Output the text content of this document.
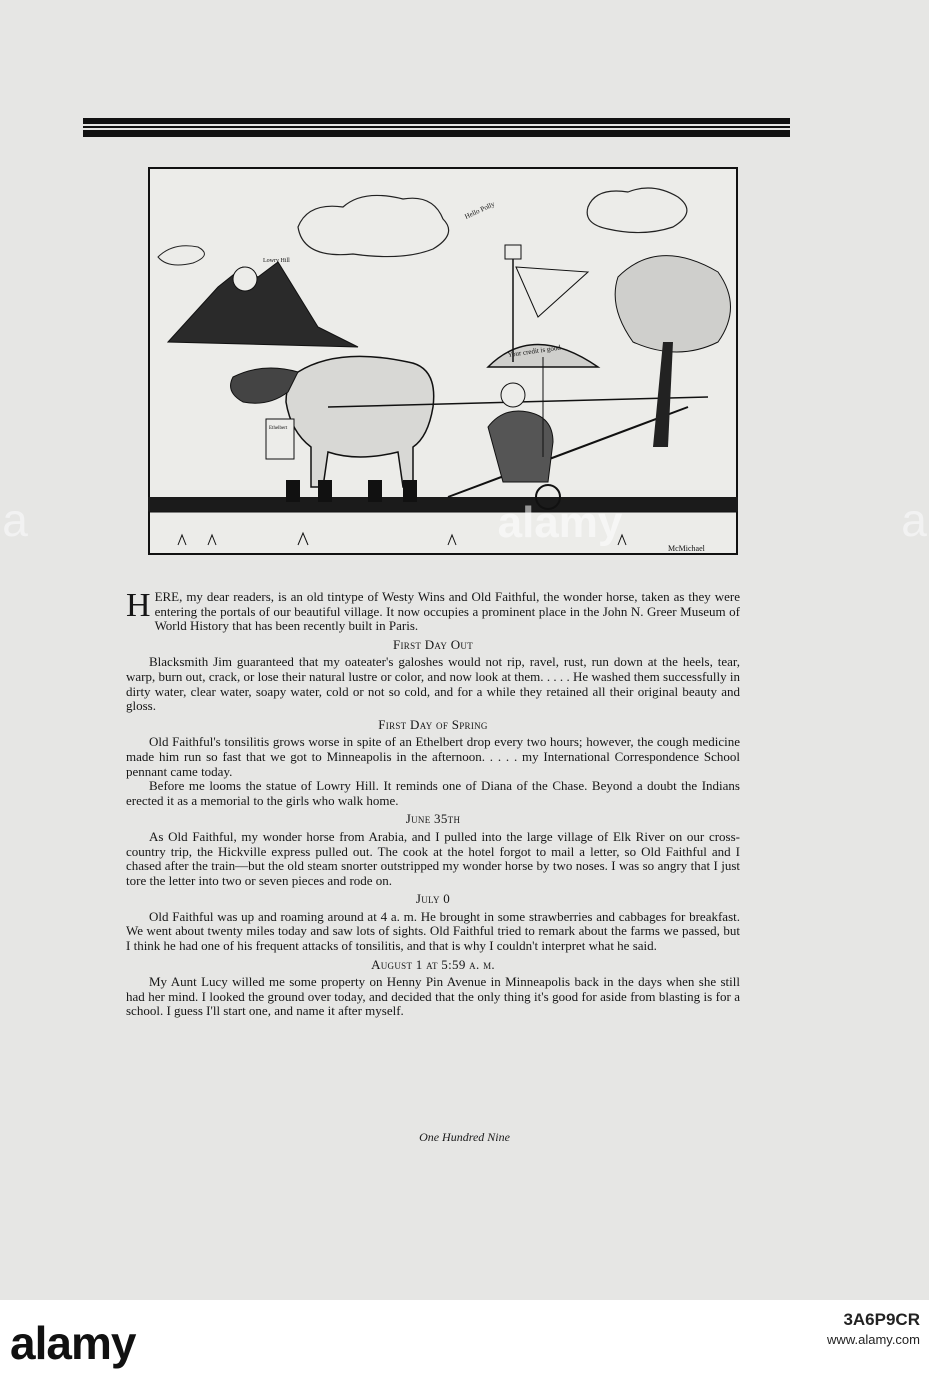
Ethelbert
Hello Polly
Your credit is good
Lowry Hill
McMichael
a	a
alamy

HERE, my dear readers, is an old tintype of Westy Wins and Old Faithful, the wonder horse, taken as they were entering the portals of our beautiful village. It now occupies a prominent place in the John N. Greer Museum of World History that has been recently built in Paris.

First Day Out

Blacksmith Jim guaranteed that my oateater's galoshes would not rip, ravel, rust, run down at the heels, tear, warp, burn out, crack, or lose their natural lustre or color, and now look at them. . . . . He washed them successfully in dirty water, clear water, soapy water, cold or not so cold, and for a while they retained all their original beauty and gloss.

First Day of Spring

Old Faithful's tonsilitis grows worse in spite of an Ethelbert drop every two hours; however, the cough medicine made him run so fast that we got to Minneapolis in the afternoon. . . . . my International Correspondence School pennant came today.

Before me looms the statue of Lowry Hill. It reminds one of Diana of the Chase. Beyond a doubt the Indians erected it as a memorial to the girls who walk home.

June 35th

As Old Faithful, my wonder horse from Arabia, and I pulled into the large village of Elk River on our cross-country trip, the Hickville express pulled out. The cook at the hotel forgot to mail a letter, so Old Faithful and I chased after the train—but the old steam snorter outstripped my wonder horse by two noses. I was so angry that I just tore the letter into two or seven pieces and rode on.

July 0

Old Faithful was up and roaming around at 4 a. m. He brought in some strawberries and cabbages for breakfast. We went about twenty miles today and saw lots of sights. Old Faithful tried to remark about the farms we passed, but I think he had one of his frequent attacks of tonsilitis, and that is why I couldn't interpret what he said.

August 1 at 5:59 a. m.

My Aunt Lucy willed me some property on Henny Pin Avenue in Minneapolis back in the days when she still had her mind. I looked the ground over today, and decided that the only thing it's good for aside from blasting is for a school. I guess I'll start one, and name it after myself.

One Hundred Nine
alamy	3A6P9CR
www.alamy.com
